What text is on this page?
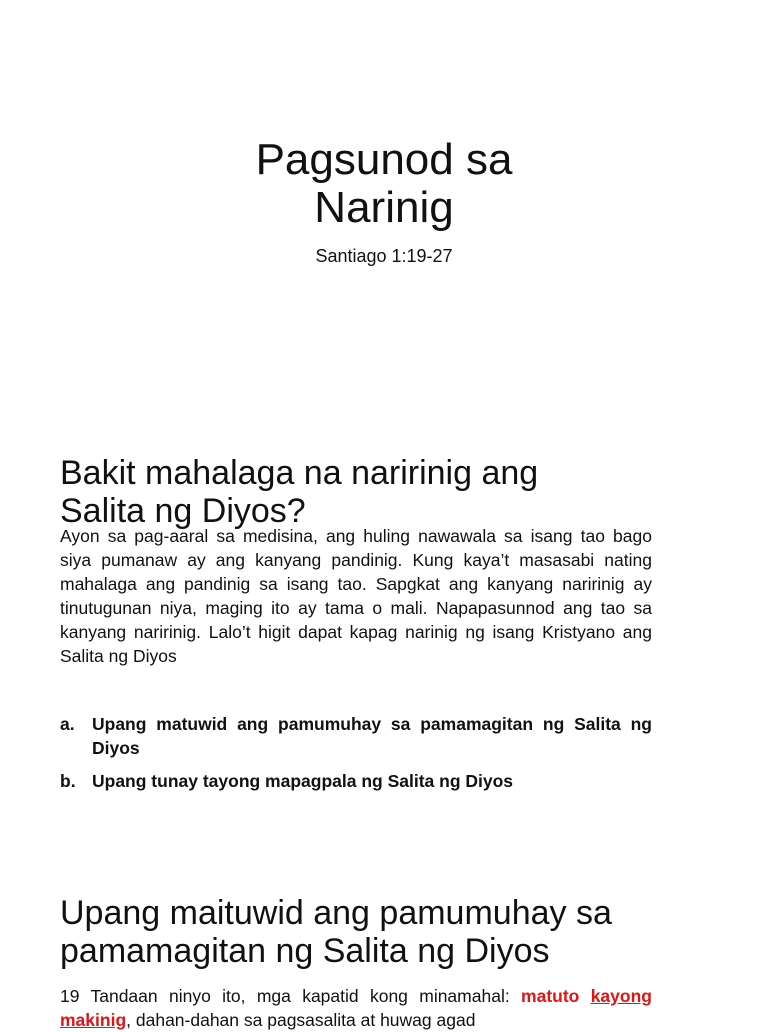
Pagsunod sa
Narinig
Santiago 1:19-27
Bakit mahalaga na naririnig ang
Salita ng Diyos?
Ayon sa pag-aaral sa medisina, ang huling nawawala sa isang tao bago siya pumanaw ay ang kanyang pandinig. Kung kaya’t masasabi nating mahalaga ang pandinig sa isang tao. Sapgkat ang kanyang naririnig ay tinutugunan niya, maging ito ay tama o mali. Napapasunnod ang tao sa kanyang naririnig. Lalo’t higit dapat kapag narinig ng isang Kristyano ang Salita ng Diyos
a. Upang matuwid ang pamumuhay sa pamamagitan ng Salita ng Diyos
b. Upang tunay tayong mapagpala ng Salita ng Diyos
Upang maituwid ang pamumuhay sa
pamamagitan ng Salita ng Diyos
19 Tandaan ninyo ito, mga kapatid kong minamahal: matuto kayong makinig, dahan-dahan sa pagsasalita at huwag agad
